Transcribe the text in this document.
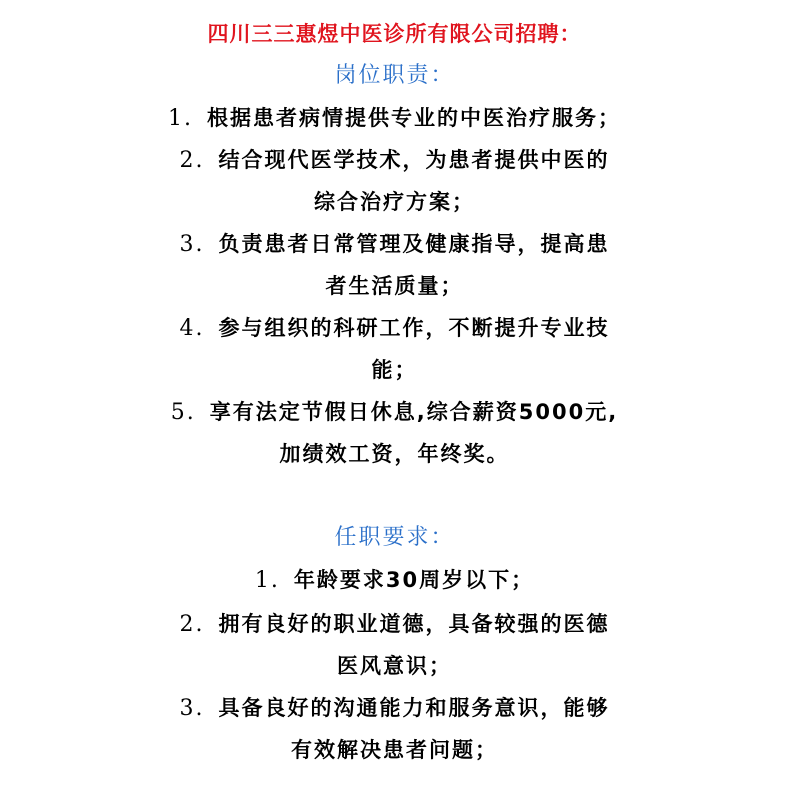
四川三三惠煜中医诊所有限公司招聘：
岗位职责：
1. 根据患者病情提供专业的中医治疗服务；
2. 结合现代医学技术，为患者提供中医的
综合治疗方案；
3. 负责患者日常管理及健康指导，提高患
者生活质量；
4. 参与组织的科研工作，不断提升专业技
能；
5. 享有法定节假日休息,综合薪资5000元,
加绩效工资，年终奖。
任职要求：
1. 年龄要求30周岁以下；
2. 拥有良好的职业道德，具备较强的医德
医风意识；
3. 具备良好的沟通能力和服务意识，能够
有效解决患者问题；
